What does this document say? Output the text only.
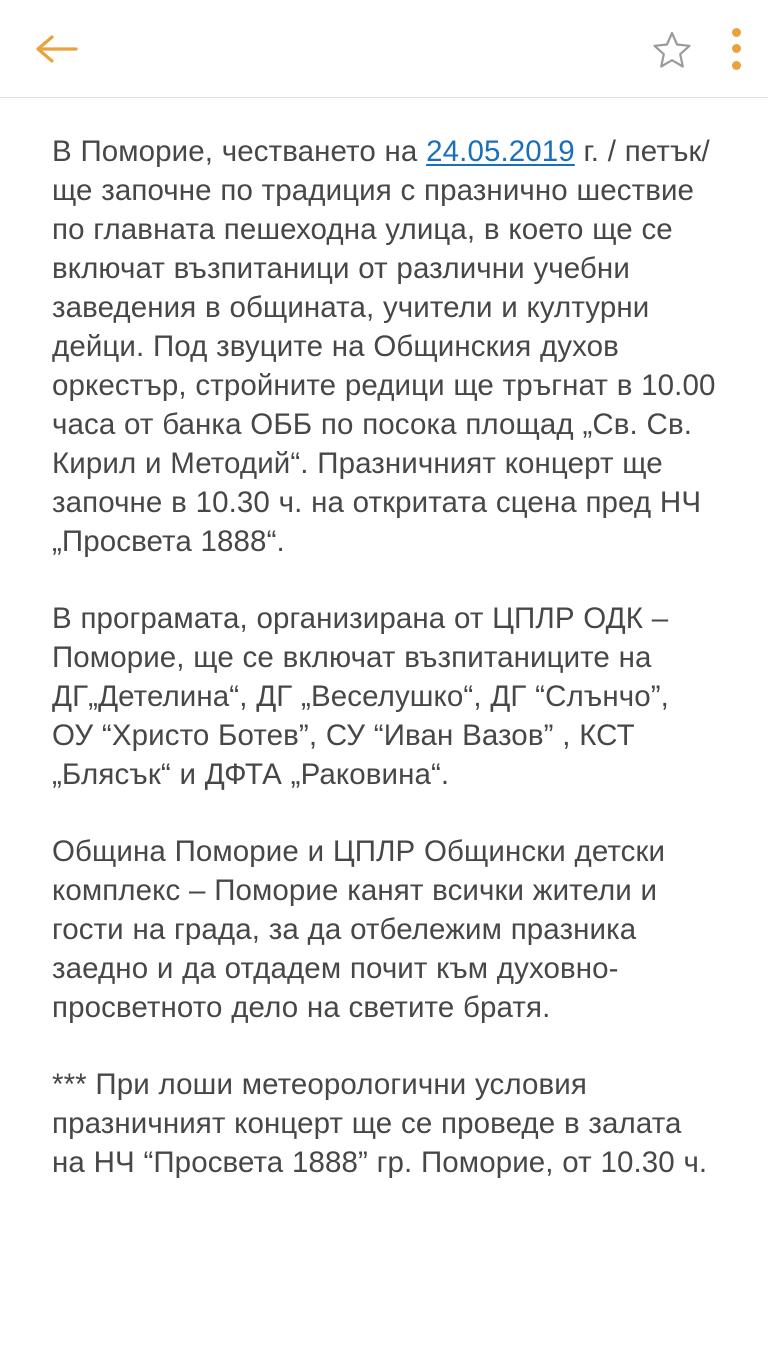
В Поморие, честването на 24.05.2019 г. / петък/ ще започне по традиция с празнично шествие по главната пешеходна улица, в което ще се включат възпитаници от различни учебни заведения в общината, учители и културни дейци. Под звуците на Общинския духов оркестър, стройните редици ще тръгнат в 10.00 часа от банка ОББ по посока площад „Св. Св. Кирил и Методий“. Празничният концерт ще започне в 10.30 ч. на откритата сцена пред НЧ „Просвета 1888“.

В програмата, организирана от ЦПЛР ОДК – Поморие, ще се включат възпитаниците на ДГ„Детелина“, ДГ „Веселушко“, ДГ “Слънчо”, ОУ “Христо Ботев”, СУ “Иван Вазов” , КСТ „Блясък“ и ДФТА „Раковина“.

Община Поморие и ЦПЛР Общински детски комплекс – Поморие канят всички жители и гости на града, за да отбележим празника заедно и да отдадем почит към духовно-просветното дело на светите братя.

*** При лоши метеорологични условия празничният концерт ще се проведе в залата на НЧ “Просвета 1888” гр. Поморие, от 10.30 ч.
